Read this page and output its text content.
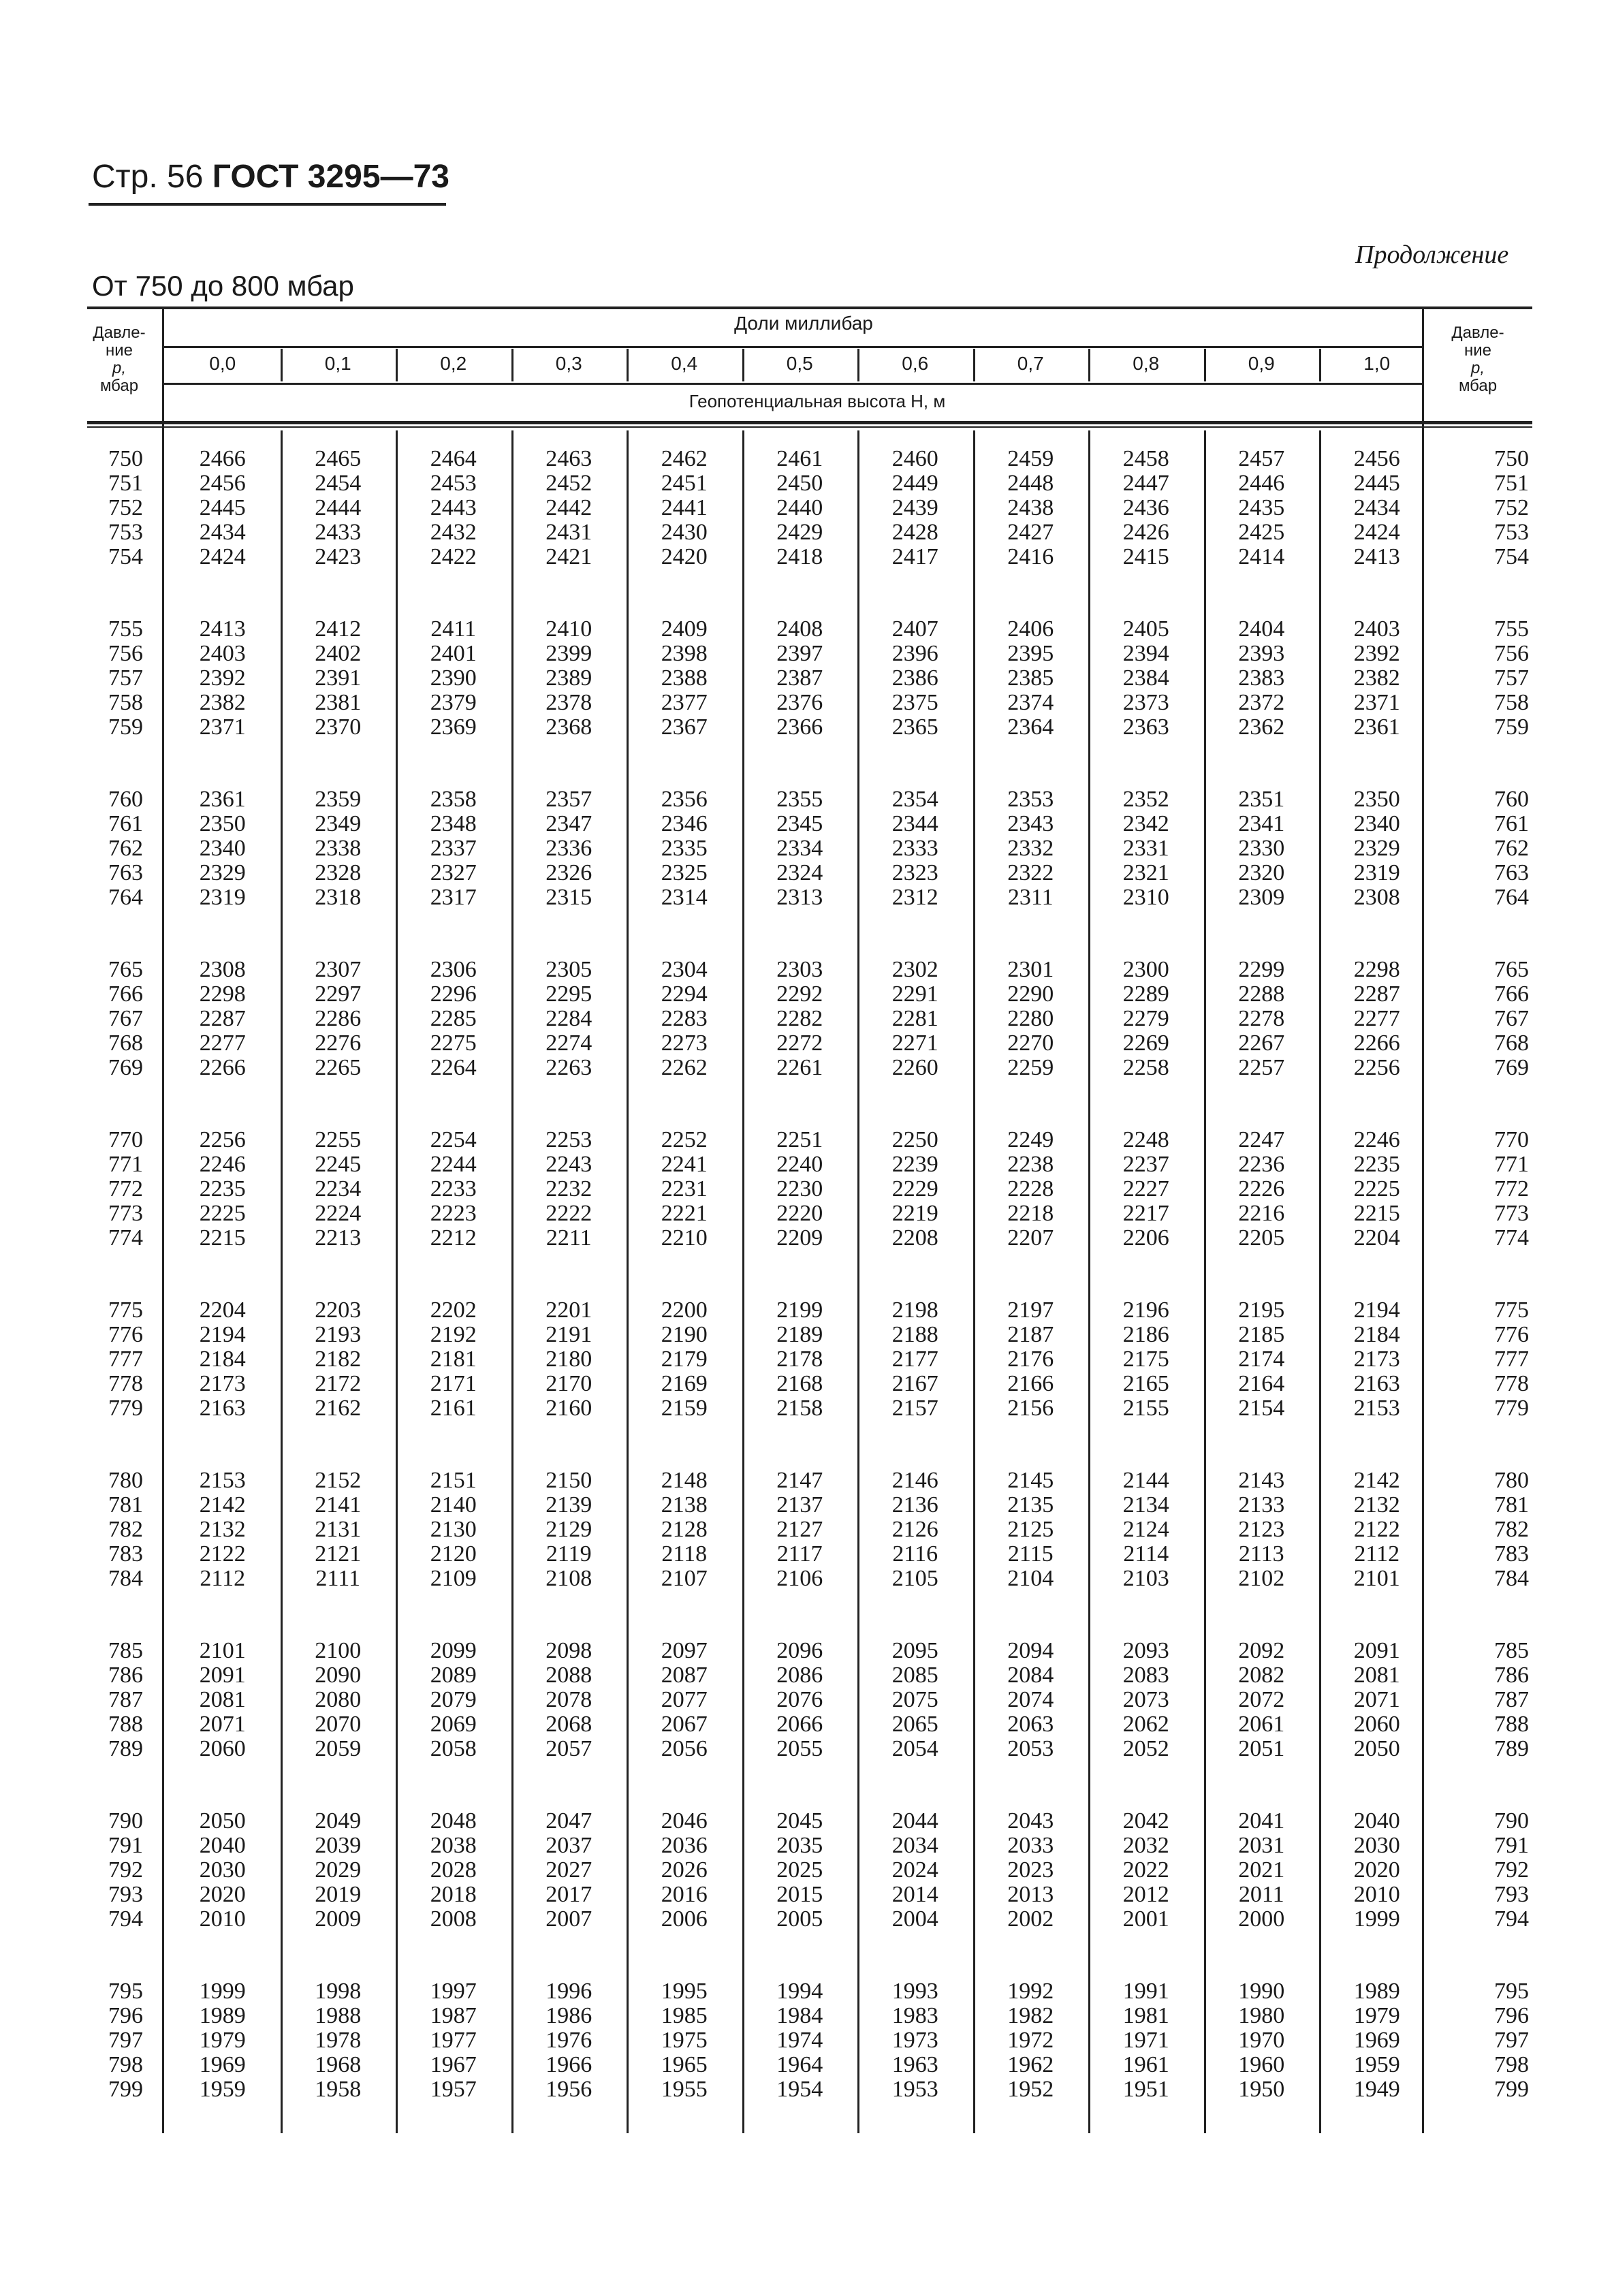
Стр. 56 ГОСТ 3295—73
Продолжение
От 750 до 800 мбар
Давле-
ние
p,
мбар
Давле-
ние
p,
мбар
Доли миллибар
Геопотенциальная высота H, м
0,0	0,1	0,2	0,3	0,4	0,5	0,6	0,7	0,8	0,9	1,0
750	2466	2465	2464	2463	2462	2461	2460	2459	2458	2457	2456	750
751	2456	2454	2453	2452	2451	2450	2449	2448	2447	2446	2445	751
752	2445	2444	2443	2442	2441	2440	2439	2438	2436	2435	2434	752
753	2434	2433	2432	2431	2430	2429	2428	2427	2426	2425	2424	753
754	2424	2423	2422	2421	2420	2418	2417	2416	2415	2414	2413	754
755	2413	2412	2411	2410	2409	2408	2407	2406	2405	2404	2403	755
756	2403	2402	2401	2399	2398	2397	2396	2395	2394	2393	2392	756
757	2392	2391	2390	2389	2388	2387	2386	2385	2384	2383	2382	757
758	2382	2381	2379	2378	2377	2376	2375	2374	2373	2372	2371	758
759	2371	2370	2369	2368	2367	2366	2365	2364	2363	2362	2361	759
760	2361	2359	2358	2357	2356	2355	2354	2353	2352	2351	2350	760
761	2350	2349	2348	2347	2346	2345	2344	2343	2342	2341	2340	761
762	2340	2338	2337	2336	2335	2334	2333	2332	2331	2330	2329	762
763	2329	2328	2327	2326	2325	2324	2323	2322	2321	2320	2319	763
764	2319	2318	2317	2315	2314	2313	2312	2311	2310	2309	2308	764
765	2308	2307	2306	2305	2304	2303	2302	2301	2300	2299	2298	765
766	2298	2297	2296	2295	2294	2292	2291	2290	2289	2288	2287	766
767	2287	2286	2285	2284	2283	2282	2281	2280	2279	2278	2277	767
768	2277	2276	2275	2274	2273	2272	2271	2270	2269	2267	2266	768
769	2266	2265	2264	2263	2262	2261	2260	2259	2258	2257	2256	769
770	2256	2255	2254	2253	2252	2251	2250	2249	2248	2247	2246	770
771	2246	2245	2244	2243	2241	2240	2239	2238	2237	2236	2235	771
772	2235	2234	2233	2232	2231	2230	2229	2228	2227	2226	2225	772
773	2225	2224	2223	2222	2221	2220	2219	2218	2217	2216	2215	773
774	2215	2213	2212	2211	2210	2209	2208	2207	2206	2205	2204	774
775	2204	2203	2202	2201	2200	2199	2198	2197	2196	2195	2194	775
776	2194	2193	2192	2191	2190	2189	2188	2187	2186	2185	2184	776
777	2184	2182	2181	2180	2179	2178	2177	2176	2175	2174	2173	777
778	2173	2172	2171	2170	2169	2168	2167	2166	2165	2164	2163	778
779	2163	2162	2161	2160	2159	2158	2157	2156	2155	2154	2153	779
780	2153	2152	2151	2150	2148	2147	2146	2145	2144	2143	2142	780
781	2142	2141	2140	2139	2138	2137	2136	2135	2134	2133	2132	781
782	2132	2131	2130	2129	2128	2127	2126	2125	2124	2123	2122	782
783	2122	2121	2120	2119	2118	2117	2116	2115	2114	2113	2112	783
784	2112	2111	2109	2108	2107	2106	2105	2104	2103	2102	2101	784
785	2101	2100	2099	2098	2097	2096	2095	2094	2093	2092	2091	785
786	2091	2090	2089	2088	2087	2086	2085	2084	2083	2082	2081	786
787	2081	2080	2079	2078	2077	2076	2075	2074	2073	2072	2071	787
788	2071	2070	2069	2068	2067	2066	2065	2063	2062	2061	2060	788
789	2060	2059	2058	2057	2056	2055	2054	2053	2052	2051	2050	789
790	2050	2049	2048	2047	2046	2045	2044	2043	2042	2041	2040	790
791	2040	2039	2038	2037	2036	2035	2034	2033	2032	2031	2030	791
792	2030	2029	2028	2027	2026	2025	2024	2023	2022	2021	2020	792
793	2020	2019	2018	2017	2016	2015	2014	2013	2012	2011	2010	793
794	2010	2009	2008	2007	2006	2005	2004	2002	2001	2000	1999	794
795	1999	1998	1997	1996	1995	1994	1993	1992	1991	1990	1989	795
796	1989	1988	1987	1986	1985	1984	1983	1982	1981	1980	1979	796
797	1979	1978	1977	1976	1975	1974	1973	1972	1971	1970	1969	797
798	1969	1968	1967	1966	1965	1964	1963	1962	1961	1960	1959	798
799	1959	1958	1957	1956	1955	1954	1953	1952	1951	1950	1949	799
